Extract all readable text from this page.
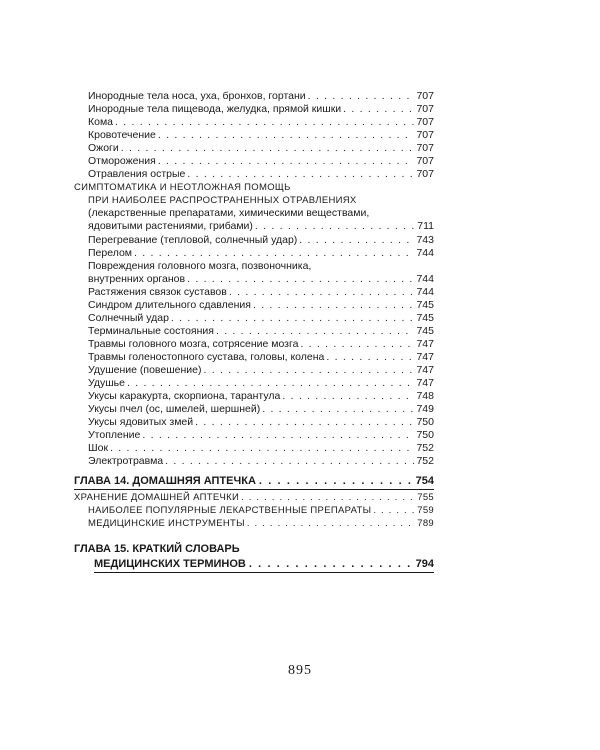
Инородные тела носа, уха, бронхов, гортани . . .	707
Инородные тела пищевода, желудка, прямой кишки . . .	707
Кома . . .	707
Кровотечение . . .	707
Ожоги . . .	707
Отморожения . . .	707
Отравления острые . . .	707
СИМПТОМАТИКА И НЕОТЛОЖНАЯ ПОМОЩЬ
ПРИ НАИБОЛЕЕ РАСПРОСТРАНЕННЫХ ОТРАВЛЕНИЯХ
(лекарственные препаратами, химическими веществами,
ядовитыми растениями, грибами) . . .	711
Перегревание (тепловой, солнечный удар) . . .	743
Перелом . . .	744
Повреждения головного мозга, позвоночника,
внутренних органов . . .	744
Растяжения связок суставов . . .	744
Синдром длительного сдавления . . .	745
Солнечный удар . . .	745
Терминальные состояния . . .	745
Травмы головного мозга, сотрясение мозга . . .	747
Травмы голеностопного сустава, головы, колена . . .	747
Удушение (повешение) . . .	747
Удушье . . .	747
Укусы каракурта, скорпиона, тарантула . . .	748
Укусы пчел (ос, шмелей, шершней) . . .	749
Укусы ядовитых змей . . .	750
Утопление . . .	750
Шок . . .	752
Электротравма . . .	752
ГЛАВА 14. ДОМАШНЯЯ АПТЕЧКА . . .	754
ХРАНЕНИЕ ДОМАШНЕЙ АПТЕЧКИ . . .	755
НАИБОЛЕЕ ПОПУЛЯРНЫЕ ЛЕКАРСТВЕННЫЕ ПРЕПАРАТЫ . . .	759
МЕДИЦИНСКИЕ ИНСТРУМЕНТЫ . . .	789
ГЛАВА 15. КРАТКИЙ СЛОВАРЬ
МЕДИЦИНСКИХ ТЕРМИНОВ . . .	794
895
